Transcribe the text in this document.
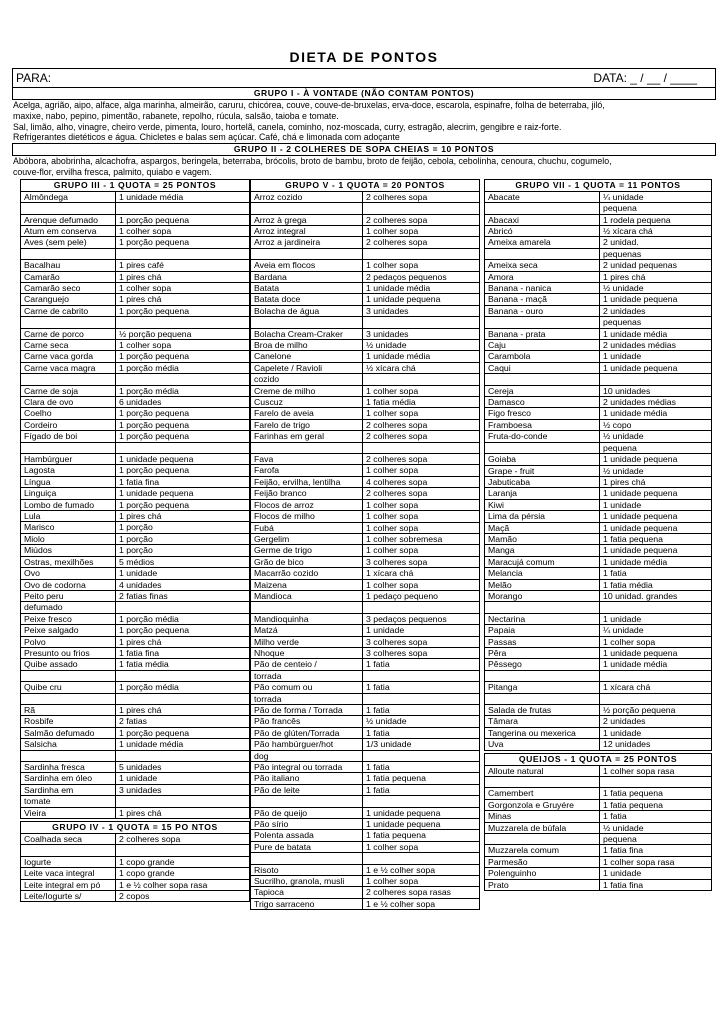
DIETA DE PONTOS
PARA:	DATA: _ / __ / ____
GRUPO I - À VONTADE (NÃO CONTAM PONTOS)
Acelga, agrião, aipo, alface, alga marinha, almeirão, caruru, chicórea, couve, couve-de-bruxelas, erva-doce, escarola, espinafre, folha de beterraba, jiló,
maxixe, nabo, pepino, pimentão, rabanete, repolho, rúcula, salsão, taioba e tomate.
Sal, limão, alho, vinagre, cheiro verde, pimenta, louro, hortelã, canela, cominho, noz-moscada, curry, estragão, alecrim, gengibre e raiz-forte.
Refrigerantes dietéticos e água. Chicletes e balas sem açúcar. Café, chá e limonada com adoçante
GRUPO II - 2 COLHERES DE SOPA CHEIAS = 10 PONTOS
Abóbora, abobrinha, alcachofra, aspargos, beringela, beterraba, brócolis, broto de bambu, broto de feijão, cebola, cebolinha, cenoura, chuchu, cogumelo,
couve-flor, ervilha fresca, palmito, quiabo e vagem.
GRUPO III - 1 QUOTA = 25 PONTOS
Almôndega	1 unidade média

Arenque defumado	1 porção pequena
Atum em conserva	1 colher sopa
Aves (sem pele)	1 porção pequena

Bacalhau	1 pires café
Camarão	1 pires chá
Camarão seco	1 colher sopa
Caranguejo	1 pires chá
Carne de cabrito	1 porção pequena

Carne de porco	½ porção pequena
Carne seca	1 colher sopa
Carne vaca gorda	1 porção pequena
Carne vaca magra	1 porção média

Carne de soja	1 porção média
Clara de ovo	6 unidades
Coelho	1 porção pequena
Cordeiro	1 porção pequena
Fígado de boi	1 porção pequena

Hambúrguer	1 unidade pequena
Lagosta	1 porção pequena
Língua	1 fatia fina
Linguiça	1 unidade pequena
Lombo de fumado	1 porção pequena
Lula	1 pires chá
Marisco	1 porção
Miolo	1 porção
Miúdos	1 porção
Ostras, mexilhões	5 médios
Ovo	1 unidade
Ovo de codorna	4 unidades
Peito peru	2 fatias finas
defumado	
Peixe fresco	1 porção média
Peixe salgado	1 porção pequena
Polvo	1 pires chá
Presunto ou frios	1 fatia fina
Quibe assado	1 fatia média

Quibe cru	1 porção média

Rã	1 pires chá
Rosbife	2 fatias
Salmão defumado	1 porção pequena
Salsicha	1 unidade média

Sardinha fresca	5 unidades
Sardinha em óleo	1 unidade
Sardinha em	3 unidades
tomate	
Vieira	1 pires chá
GRUPO IV - 1 QUOTA = 15 PO NTOS
Coalhada seca	2 colheres sopa

Iogurte	1 copo grande
Leite vaca integral	1 copo grande
Leite integral em pó	1 e ½ colher sopa rasa
Leite/Iogurte s/	2 copos
GRUPO V - 1 QUOTA = 20 PONTOS
Arroz cozido	2 colheres sopa

Arroz à grega	2 colheres sopa
Arroz integral	1 colher sopa
Arroz a jardineira	2 colheres sopa

Aveia em flocos	1 colher sopa
Bardana	2 pedaços pequenos
Batata	1 unidade média
Batata doce	1 unidade pequena
Bolacha de água	3 unidades

Bolacha Cream-Craker	3 unidades
Broa de milho	½ unidade
Canelone	1 unidade média
Capelete / Ravioli	½ xícara chá
cozido	
Creme de milho	1 colher sopa
Cuscuz	1 fatia média
Farelo de aveia	1 colher sopa
Farelo de trigo	2 colheres sopa
Farinhas em geral	2 colheres sopa

Fava	2 colheres sopa
Farofa	1 colher sopa
Feijão, ervilha, lentilha	4 colheres sopa
Feijão branco	2 colheres sopa
Flocos de arroz	1 colher sopa
Flocos de milho	1 colher sopa
Fubá	1 colher sopa
Gergelim	1 colher sobremesa
Germe de trigo	1 colher sopa
Grão de bico	3 colheres sopa
Macarrão cozido	1 xícara chá
Maizena	1 colher sopa
Mandioca	1 pedaço pequeno

Mandioquinha	3 pedaços pequenos
Matzá	1 unidade
Milho verde	3 colheres sopa
Nhoque	3 colheres sopa
Pão de centeio /	1 fatia
torrada	
Pão comum ou	1 fatia
torrada	
Pão de forma / Torrada	1 fatia
Pão francês	½ unidade
Pão de glúten/Torrada	1 fatia
Pão hambúrguer/hot	1/3 unidade
dog	
Pão integral ou torrada	1 fatia
Pão italiano	1 fatia pequena
Pão de leite	1 fatia

Pão de queijo	1 unidade pequena
Pão sírio	1 unidade pequena
Polenta assada	1 fatia pequena
Pure de batata	1 colher sopa

Risoto	1 e ½ colher sopa
Sucrilho, granola, musli	1 colher sopa
Tapioca	2 colheres sopa rasas
Trigo sarraceno	1 e ½ colher sopa
GRUPO VII - 1 QUOTA = 11 PONTOS
Abacate	¼ unidade
	pequena
Abacaxi	1 rodela pequena
Abricó	½ xícara chá
Ameixa amarela	2 unidad.
	pequenas
Ameixa seca	2 unidad pequenas
Amora	1 pires chá
Banana - nanica	½ unidade
Banana - maçã	1 unidade pequena
Banana - ouro	2 unidades
	pequenas
Banana - prata	1 unidade média
Caju	2 unidades médias
Carambola	1 unidade
Caqui	1 unidade pequena

Cereja	10 unidades
Damasco	2 unidades médias
Figo fresco	1 unidade média
Framboesa	½ copo
Fruta-do-conde	½ unidade
	pequena
Goiaba	1 unidade pequena
Grape - fruit	½ unidade
Jabuticaba	1 pires chá
Laranja	1 unidade pequena
Kiwi	1 unidade
Lima da pérsia	1 unidade pequena
Maçã	1 unidade pequena
Mamão	1 fatia pequena
Manga	1 unidade pequena
Maracujá comum	1 unidade média
Melancia	1 fatia
Melão	1 fatia média
Morango	10 unidad. grandes

Nectarina	1 unidade
Papaia	¼ unidade
Passas	1 colher sopa
Pêra	1 unidade pequena
Pêssego	1 unidade média

Pitanga	1 xícara chá

Salada de frutas	½ porção pequena
Tâmara	2 unidades
Tangerina ou mexerica	1 unidade
Uva	12 unidades
QUEIJOS - 1 QUOTA = 25 PONTOS
Alloute natural	1 colher sopa rasa

Camembert	1 fatia pequena
Gorgonzola e Gruyére	1 fatia pequena
Minas	1 fatia
Muzzarela de búfala	½ unidade
	pequena
Muzzarela comum	1 fatia fina
Parmesão	1 colher sopa rasa
Polenguinho	1 unidade
Prato	1 fatia fina
